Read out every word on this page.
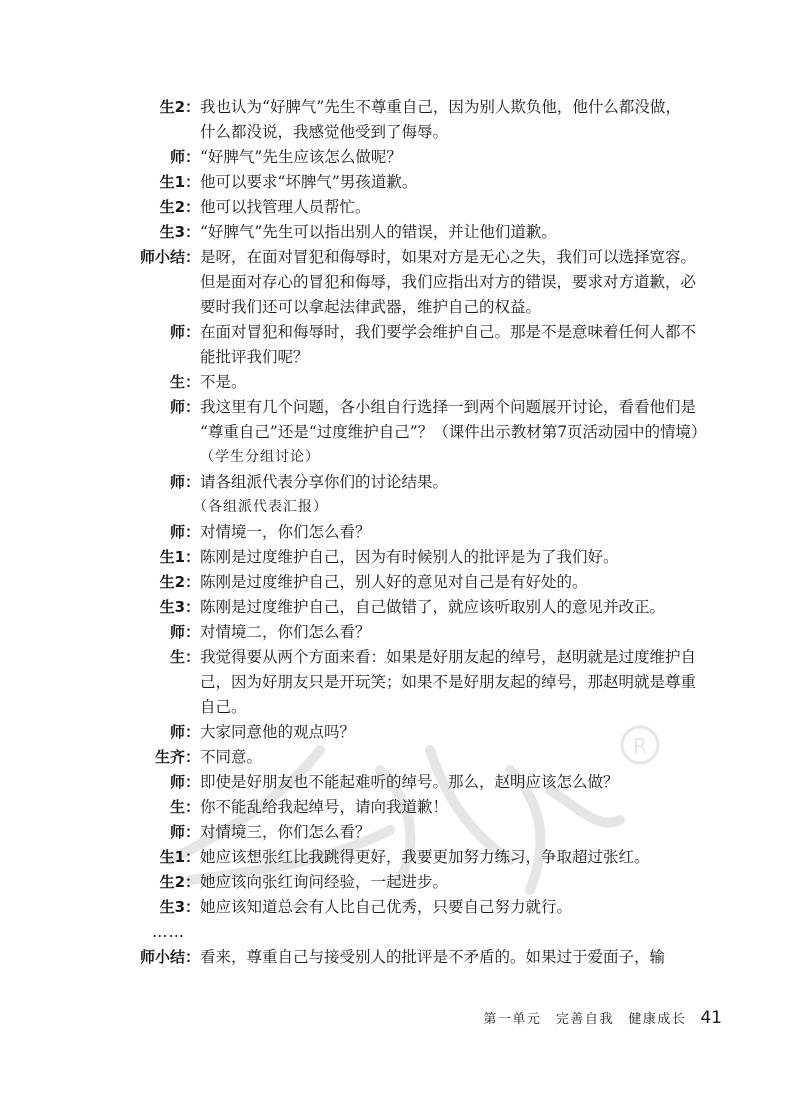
R
生2： 我也认为“好脾气”先生不尊重自己，因为别人欺负他，他什么都没做，
什么都没说，我感觉他受到了侮辱。
师： “好脾气”先生应该怎么做呢？
生1： 他可以要求“坏脾气”男孩道歉。
生2： 他可以找管理人员帮忙。
生3： “好脾气”先生可以指出别人的错误，并让他们道歉。
师小结： 是呀，在面对冒犯和侮辱时，如果对方是无心之失，我们可以选择宽容。
但是面对存心的冒犯和侮辱，我们应指出对方的错误，要求对方道歉，必
要时我们还可以拿起法律武器，维护自己的权益。
师： 在面对冒犯和侮辱时，我们要学会维护自己。那是不是意味着任何人都不
能批评我们呢？
生： 不是。
师： 我这里有几个问题，各小组自行选择一到两个问题展开讨论，看看他们是
“尊重自己”还是“过度维护自己”？（课件出示教材第7页活动园中的情境）
（学生分组讨论）
师： 请各组派代表分享你们的讨论结果。
（各组派代表汇报）
师： 对情境一，你们怎么看？
生1： 陈刚是过度维护自己，因为有时候别人的批评是为了我们好。
生2： 陈刚是过度维护自己，别人好的意见对自己是有好处的。
生3： 陈刚是过度维护自己，自己做错了，就应该听取别人的意见并改正。
师： 对情境二，你们怎么看？
生： 我觉得要从两个方面来看：如果是好朋友起的绰号，赵明就是过度维护自
己，因为好朋友只是开玩笑；如果不是好朋友起的绰号，那赵明就是尊重
自己。
师： 大家同意他的观点吗？
生齐： 不同意。
师： 即使是好朋友也不能起难听的绰号。那么，赵明应该怎么做？
生： 你不能乱给我起绰号，请向我道歉！
师： 对情境三，你们怎么看？
生1： 她应该想张红比我跳得更好，我要更加努力练习，争取超过张红。
生2： 她应该向张红询问经验，一起进步。
生3： 她应该知道总会有人比自己优秀，只要自己努力就行。
……
师小结： 看来，尊重自己与接受别人的批评是不矛盾的。如果过于爱面子，输
第一单元　完善自我　健康成长 41
